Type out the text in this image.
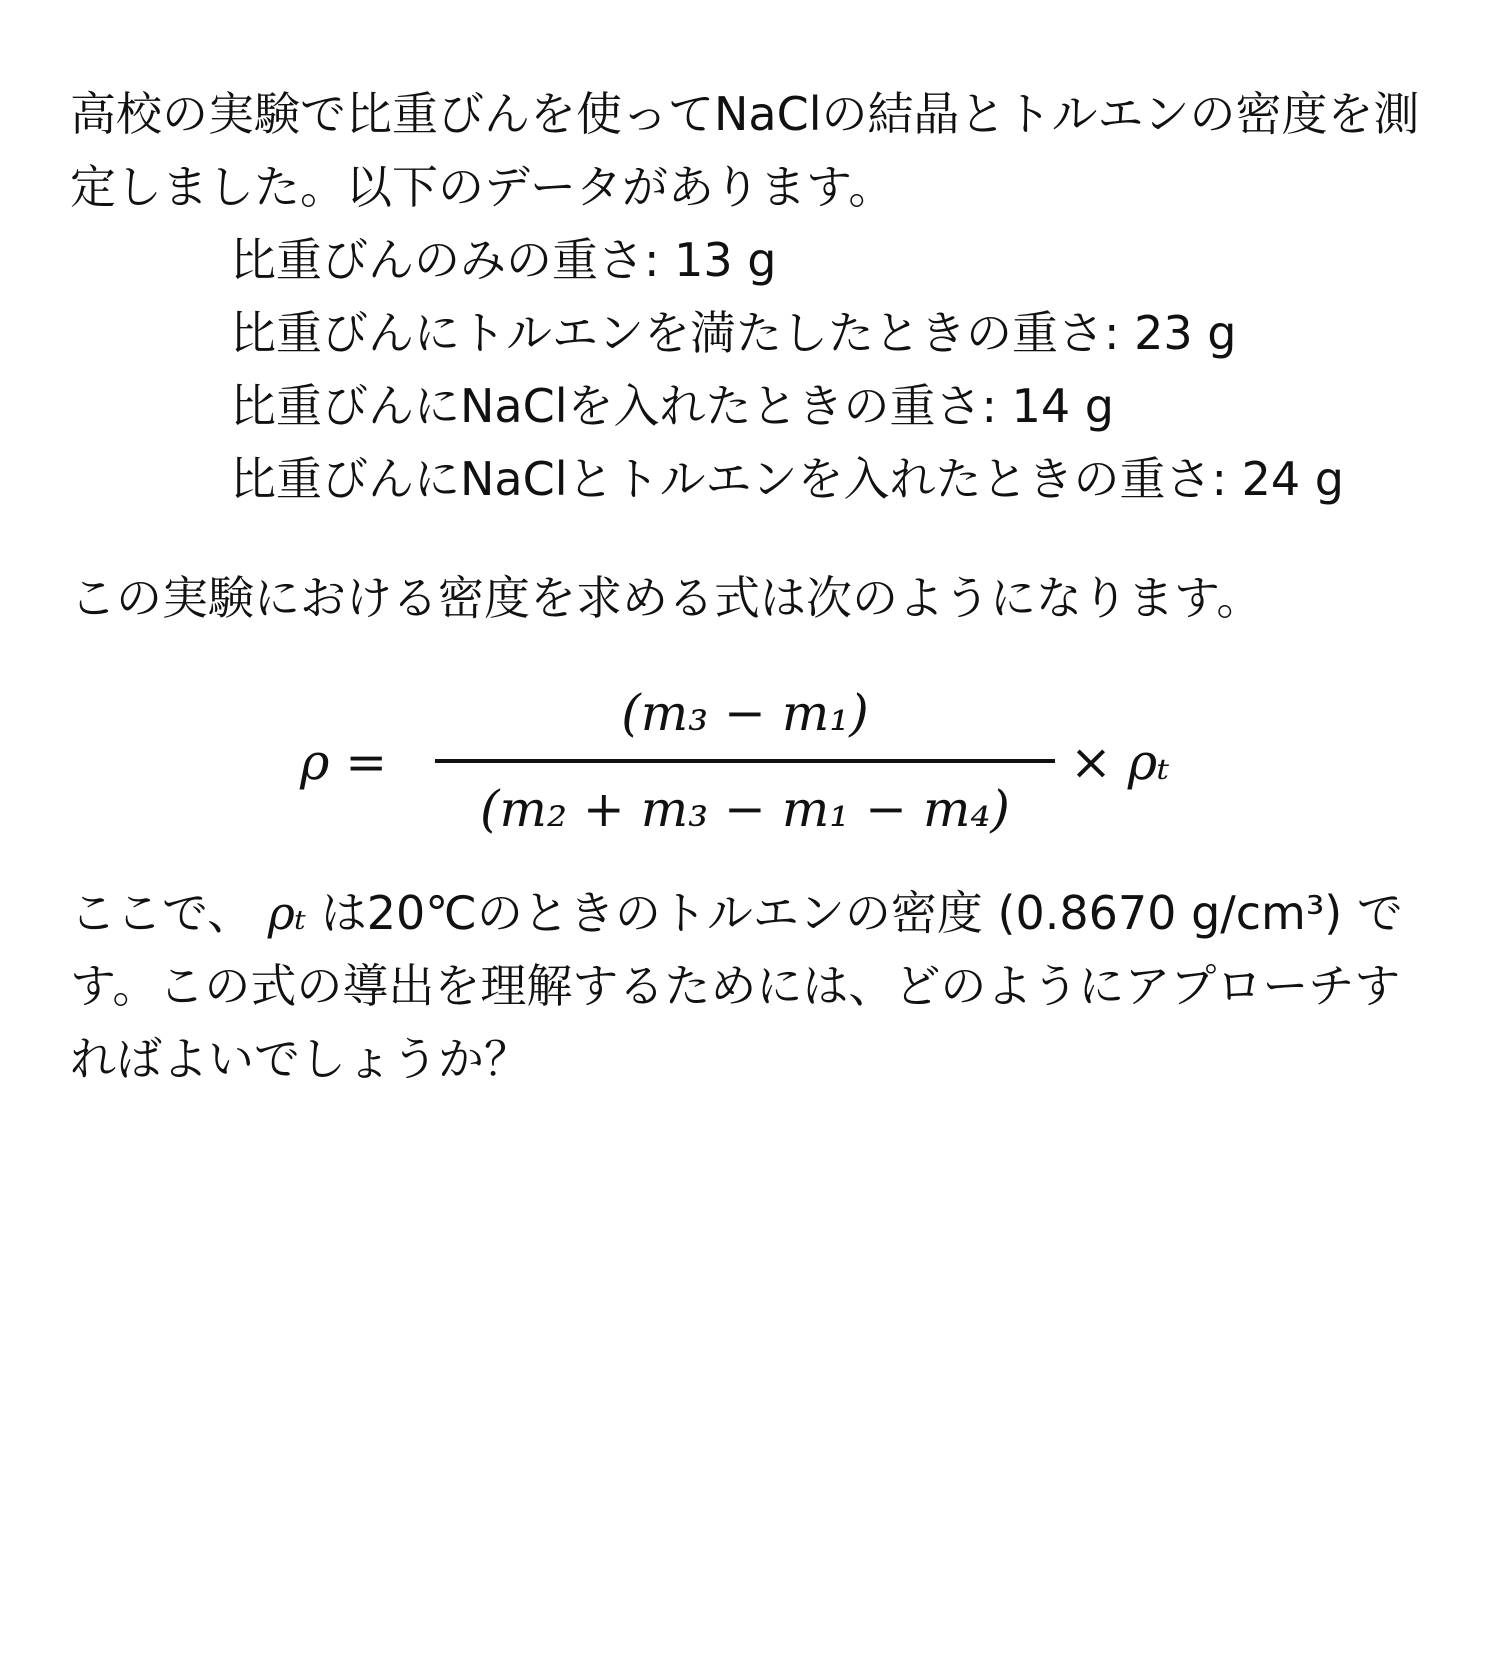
高校の実験で比重びんを使ってNaClの結晶とトルエンの密度を測定しました。以下のデータがあります。

比重びんのみの重さ: 13 g
比重びんにトルエンを満たしたときの重さ: 23 g
比重びんにNaClを入れたときの重さ: 14 g
比重びんにNaClとトルエンを入れたときの重さ: 24 g

この実験における密度を求める式は次のようになります。

ρ =
(m₃ − m₁)
(m₂ + m₃ − m₁ − m₄)
× ρₜ

ここで、 ρₜ は20℃のときのトルエンの密度 (0.8670 g/cm³) です。この式の導出を理解するためには、どのようにアプローチすればよいでしょうか？
